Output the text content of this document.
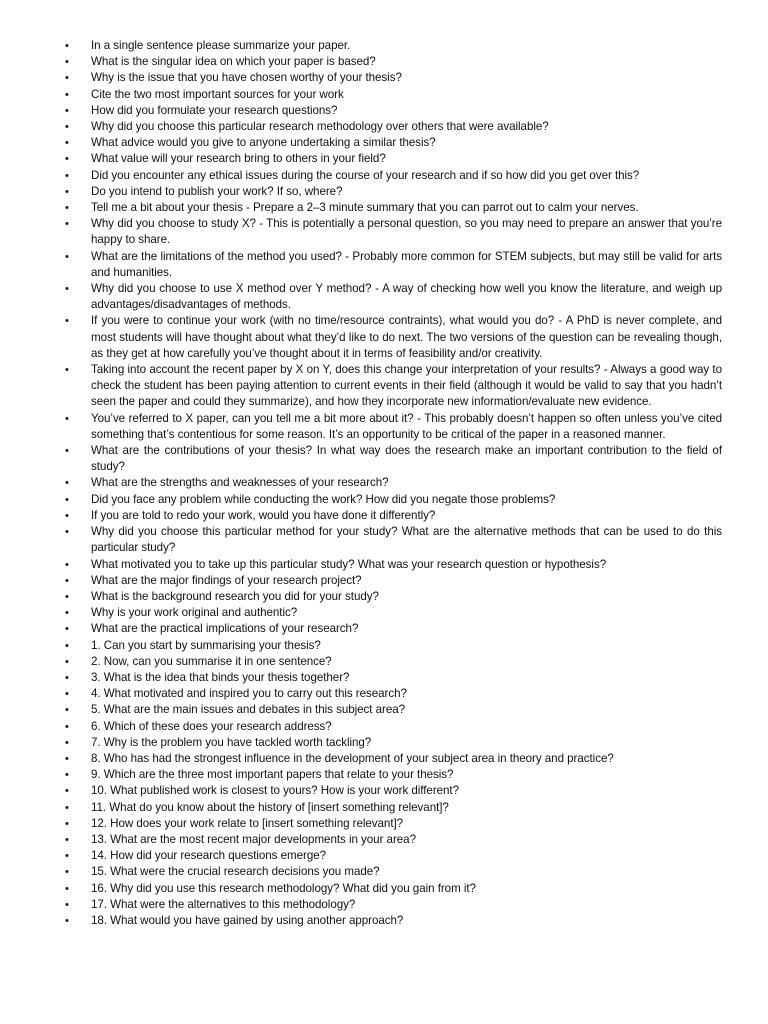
• In a single sentence please summarize your paper.
• What is the singular idea on which your paper is based?
• Why is the issue that you have chosen worthy of your thesis?
• Cite the two most important sources for your work
• How did you formulate your research questions?
• Why did you choose this particular research methodology over others that were available?
• What advice would you give to anyone undertaking a similar thesis?
• What value will your research bring to others in your field?
• Did you encounter any ethical issues during the course of your research and if so how did you get over this?
• Do you intend to publish your work? If so, where?
• Tell me a bit about your thesis - Prepare a 2–3 minute summary that you can parrot out to calm your nerves.
• Why did you choose to study X? - This is potentially a personal question, so you may need to prepare an answer that you’re happy to share.
• What are the limitations of the method you used? - Probably more common for STEM subjects, but may still be valid for arts and humanities.
• Why did you choose to use X method over Y method? - A way of checking how well you know the literature, and weigh up advantages/disadvantages of methods.
• If you were to continue your work (with no time/resource contraints), what would you do? - A PhD is never complete, and most students will have thought about what they’d like to do next. The two versions of the question can be revealing though, as they get at how carefully you’ve thought about it in terms of feasibility and/or creativity.
• Taking into account the recent paper by X on Y, does this change your interpretation of your results? - Always a good way to check the student has been paying attention to current events in their field (although it would be valid to say that you hadn’t seen the paper and could they summarize), and how they incorporate new information/evaluate new evidence.
• You’ve referred to X paper, can you tell me a bit more about it? - This probably doesn’t happen so often unless you’ve cited something that’s contentious for some reason. It’s an opportunity to be critical of the paper in a reasoned manner.
• What are the contributions of your thesis? In what way does the research make an important contribution to the field of study?
• What are the strengths and weaknesses of your research?
• Did you face any problem while conducting the work? How did you negate those problems?
• If you are told to redo your work, would you have done it differently?
• Why did you choose this particular method for your study? What are the alternative methods that can be used to do this particular study?
• What motivated you to take up this particular study? What was your research question or hypothesis?
• What are the major findings of your research project?
• What is the background research you did for your study?
• Why is your work original and authentic?
• What are the practical implications of your research?
• 1. Can you start by summarising your thesis?
• 2. Now, can you summarise it in one sentence?
• 3. What is the idea that binds your thesis together?
• 4. What motivated and inspired you to carry out this research?
• 5. What are the main issues and debates in this subject area?
• 6. Which of these does your research address?
• 7. Why is the problem you have tackled worth tackling?
• 8. Who has had the strongest influence in the development of your subject area in theory and practice?
• 9. Which are the three most important papers that relate to your thesis?
• 10. What published work is closest to yours? How is your work different?
• 11. What do you know about the history of [insert something relevant]?
• 12. How does your work relate to [insert something relevant]?
• 13. What are the most recent major developments in your area?
• 14. How did your research questions emerge?
• 15. What were the crucial research decisions you made?
• 16. Why did you use this research methodology? What did you gain from it?
• 17. What were the alternatives to this methodology?
• 18. What would you have gained by using another approach?
